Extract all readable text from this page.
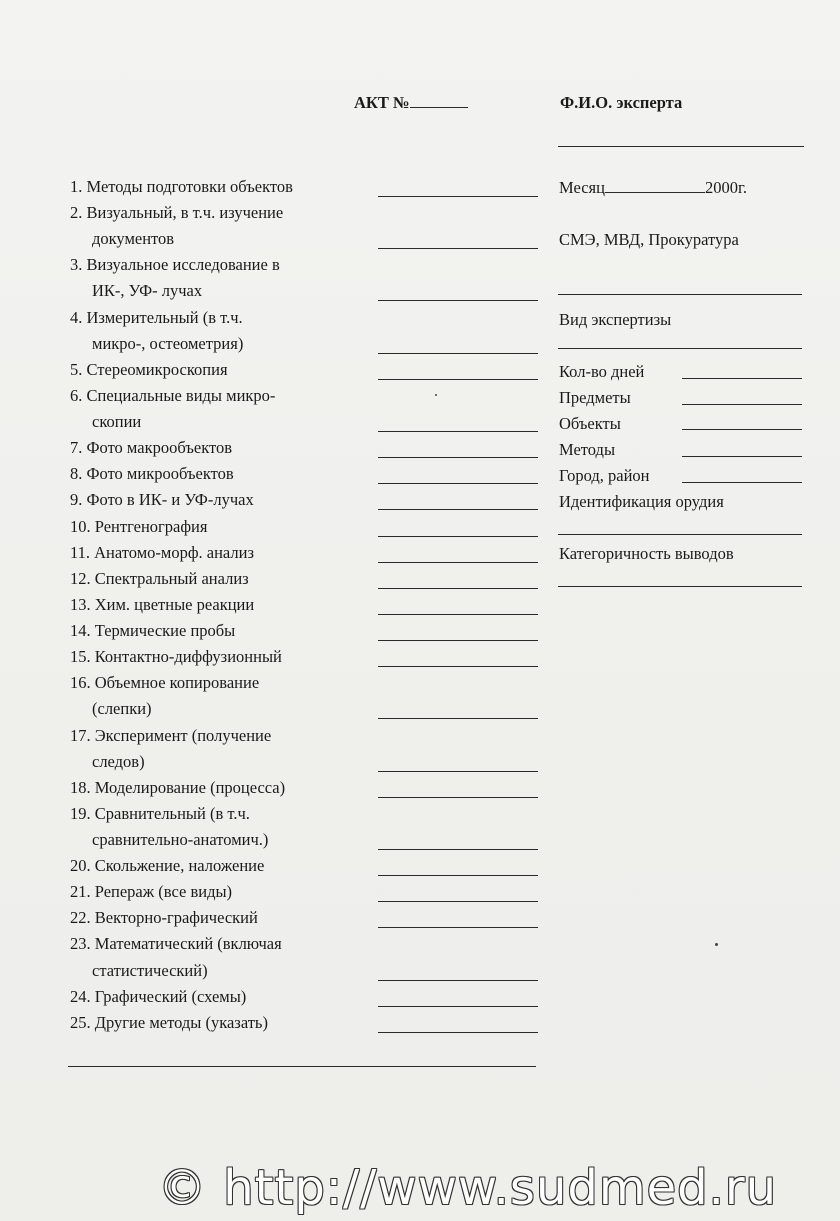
АКТ №	Ф.И.О. эксперта
1. Методы подготовки объектов
2. Визуальный, в т.ч. изучение
документов
3. Визуальное исследование в
ИК-, УФ- лучах
4. Измерительный (в т.ч.
микро-, остеометрия)
5. Стереомикроскопия
6. Специальные виды микро-
скопии
7. Фото макрообъектов
8. Фото микрообъектов
9. Фото в ИК- и УФ-лучах
10. Рентгенография
11. Анатомо-морф. анализ
12. Спектральный анализ
13. Хим. цветные реакции
14. Термические пробы
15. Контактно-диффузионный
16. Объемное копирование
(слепки)
17. Эксперимент (получение
следов)
18. Моделирование (процесса)
19. Сравнительный (в т.ч.
сравнительно-анатомич.)
20. Скольжение, наложение
21. Репераж (все виды)
22. Векторно-графический
23. Математический (включая
статистический)
24. Графический (схемы)
25. Другие методы (указать)
Месяц	2000г.
СМЭ, МВД, Прокуратура
Вид экспертизы
Кол-во дней
Предметы
Объекты
Методы
Город, район
Идентификация орудия
Категоричность выводов
© http://www.sudmed.ru
